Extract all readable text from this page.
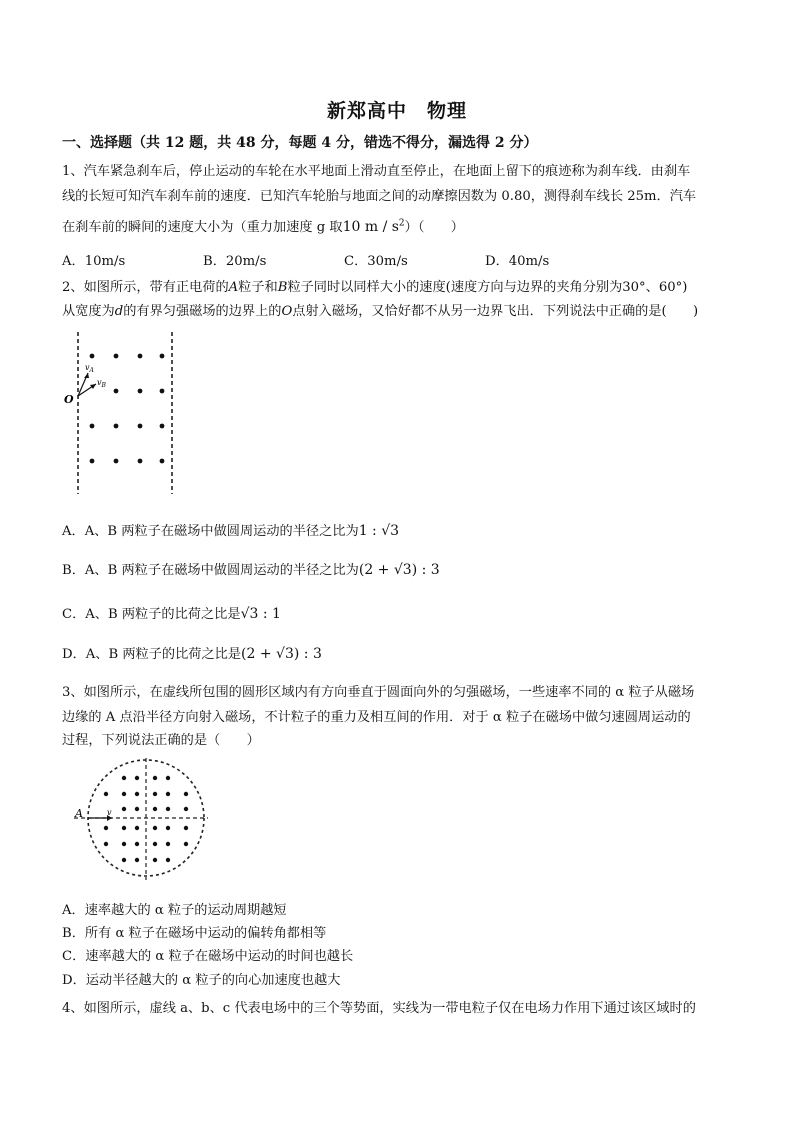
新郑高中　物理
一、选择题（共 12 题，共 48 分，每题 4 分，错选不得分，漏选得 2 分）
1、汽车紧急刹车后，停止运动的车轮在水平地面上滑动直至停止，在地面上留下的痕迹称为刹车线．由刹车
线的长短可知汽车刹车前的速度．已知汽车轮胎与地面之间的动摩擦因数为 0.80，测得刹车线长 25m．汽车
在刹车前的瞬间的速度大小为（重力加速度 g 取10 m / $s^2$）（　　）
A．10m/s	B．20m/s	C．30m/s	D．40m/s
2、如图所示，带有正电荷的A粒子和B粒子同时以同样大小的速度(速度方向与边界的夹角分别为30°、60°)
从宽度为d的有界匀强磁场的边界上的O点射入磁场，又恰好都不从另一边界飞出．下列说法中正确的是(　　)
$v_A$
$v_B$
O
A．A、B 两粒子在磁场中做圆周运动的半径之比为1 : √3
B．A、B 两粒子在磁场中做圆周运动的半径之比为(2 + √3) : 3
C．A、B 两粒子的比荷之比是√3 : 1
D．A、B 两粒子的比荷之比是(2 + √3) : 3
3、如图所示，在虚线所包围的圆形区域内有方向垂直于圆面向外的匀强磁场，一些速率不同的 α 粒子从磁场
边缘的 A 点沿半径方向射入磁场，不计粒子的重力及相互间的作用．对于 α 粒子在磁场中做匀速圆周运动的
过程，下列说法正确的是（　　）
A	v
A．速率越大的 α 粒子的运动周期越短
B．所有 α 粒子在磁场中运动的偏转角都相等
C．速率越大的 α 粒子在磁场中运动的时间也越长
D．运动半径越大的 α 粒子的向心加速度也越大
4、如图所示，虚线 a、b、c 代表电场中的三个等势面，实线为一带电粒子仅在电场力作用下通过该区域时的
